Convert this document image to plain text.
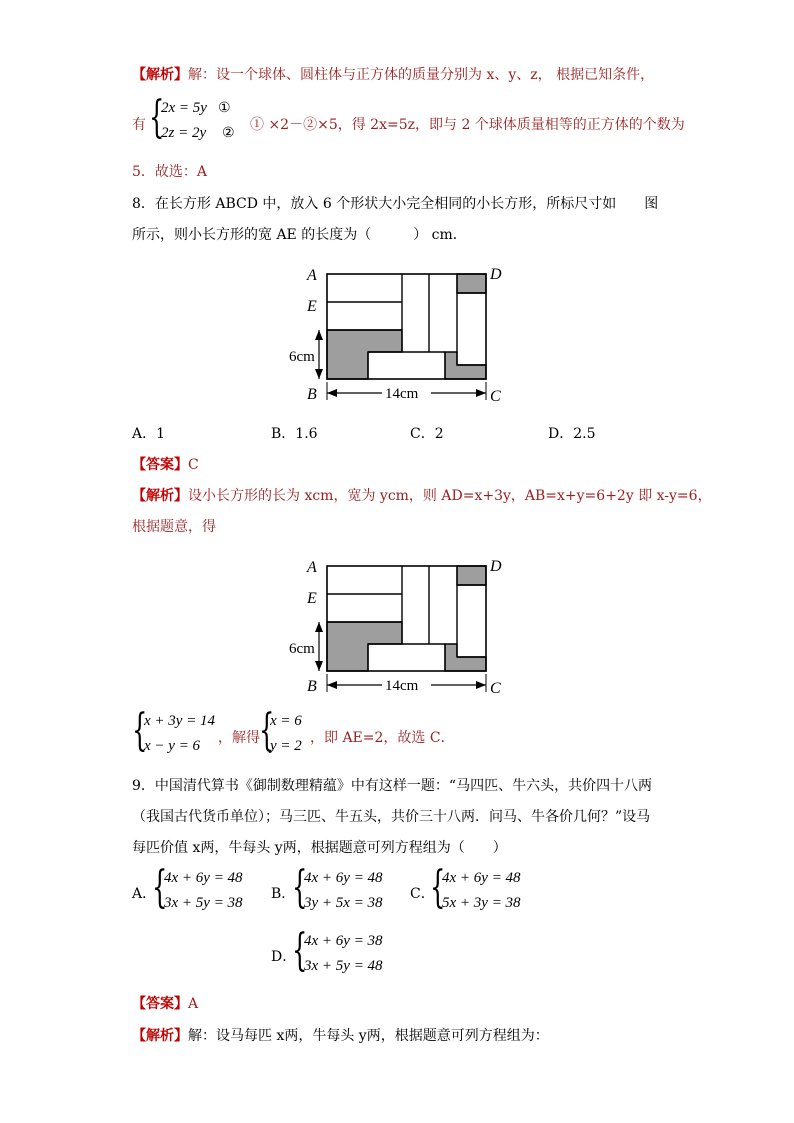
【解析】解：设一个球体、圆柱体与正方体的质量分别为 x、y、z， 根据已知条件，
有 {
2x = 5y
2z = 2y
①
② ① ×2－②×5，得 2x=5z，即与 2 个球体质量相等的正方体的个数为
5．故选：A
8．在长方形 ABCD 中，放入 6 个形状大小完全相同的小长方形，所标尺寸如　　图
所示，则小长方形的宽 AE 的长度为（　　　） cm．
A
E
B
D
C
6cm
14cm
A．1	B．1.6	C．2	D．2.5
【答案】C
【解析】设小长方形的长为 xcm，宽为 ycm，则 AD=x+3y，AB=x+y=6+2y 即 x-y=6，
根据题意，得
A
E
B
D
C
6cm
14cm
{
x + 3y = 14
x − y = 6 ，解得 {
x = 6
y = 2 ，即 AE=2，故选 C．
9．中国清代算书《御制数理精蕴》中有这样一题：“马四匹、牛六头，共价四十八两
（我国古代货币单位）；马三匹、牛五头，共价三十八两．问马、牛各价几何？”设马
每匹价值 x两，牛每头 y两，根据题意可列方程组为（　　）
A．
{
4x + 6y = 48
3x + 5y = 38
B．
{
4x + 6y = 48
3y + 5x = 38
C．
{
4x + 6y = 48
5x + 3y = 38
D．
{
4x + 6y = 38
3x + 5y = 48
【答案】A
【解析】解：设马每匹 x两，牛每头 y两，根据题意可列方程组为：
